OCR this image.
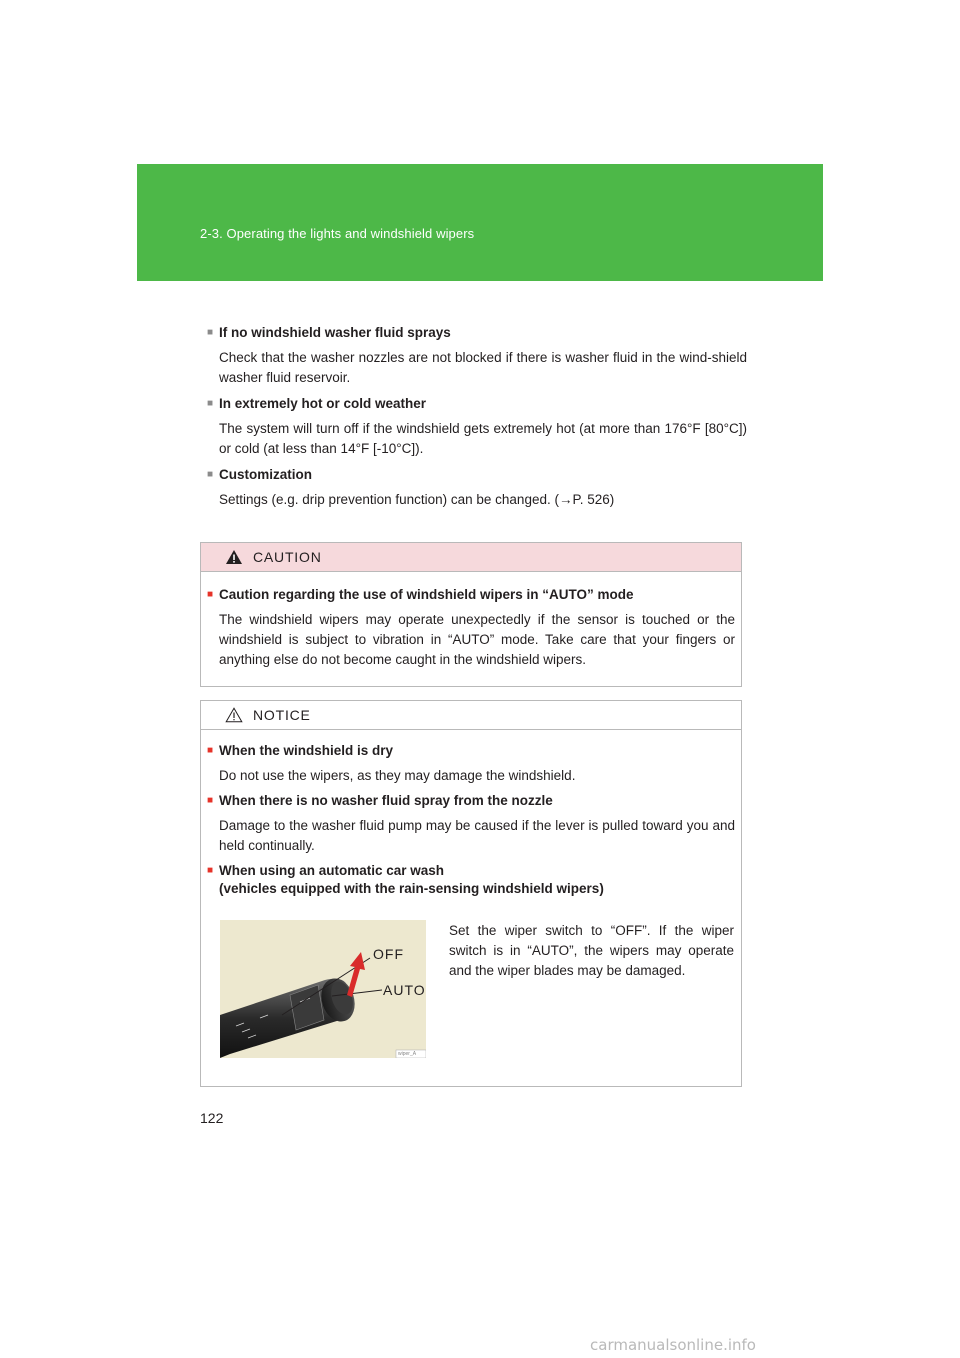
2-3. Operating the lights and windshield wipers
■ If no windshield washer fluid sprays
Check that the washer nozzles are not blocked if there is washer fluid in the wind-shield washer fluid reservoir.
■ In extremely hot or cold weather
The system will turn off if the windshield gets extremely hot (at more than 176°F [80°C]) or cold (at less than 14°F [-10°C]).
■ Customization
Settings (e.g. drip prevention function) can be changed. (→P. 526)
CAUTION
■ Caution regarding the use of windshield wipers in “AUTO” mode
The windshield wipers may operate unexpectedly if the sensor is touched or the windshield is subject to vibration in “AUTO” mode. Take care that your fingers or anything else do not become caught in the windshield wipers.
NOTICE
■ When the windshield is dry
Do not use the wipers, as they may damage the windshield.
■ When there is no washer fluid spray from the nozzle
Damage to the washer fluid pump may be caused if the lever is pulled toward you and held continually.
■ When using an automatic car wash
(vehicles equipped with the rain-sensing windshield wipers)
OFF
AUTO
wiper_A
Set the wiper switch to “OFF”. If the wiper switch is in “AUTO”, the wipers may operate and the wiper blades may be damaged.
122
carmanualsonline.info
